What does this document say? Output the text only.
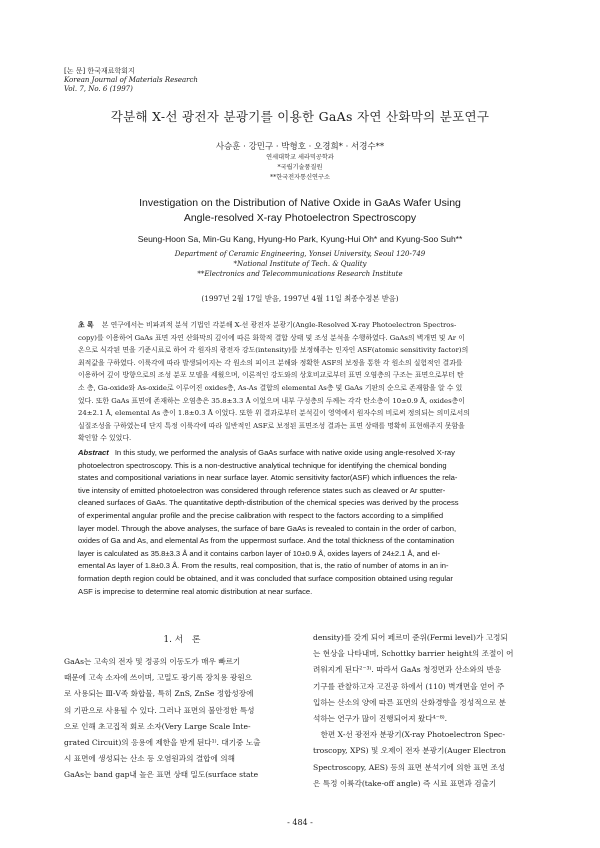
[논 문] 한국재료학회지
Korean Journal of Materials Research
Vol. 7, No. 6 (1997)
각분해 X-선 광전자 분광기를 이용한 GaAs 자연 산화막의 분포연구
사승훈 · 강민구 · 박형호 · 오경희* · 서경수**
연세대학교 세라믹공학과
*국립기술품질원
**한국전자통신연구소
Investigation on the Distribution of Native Oxide in GaAs Wafer Using
Angle-resolved X-ray Photoelectron Spectroscopy
Seung-Hoon Sa, Min-Gu Kang, Hyung-Ho Park, Kyung-Hui Oh* and Kyung-Soo Suh**
Department of Ceramic Engineering, Yonsei University, Seoul 120-749
*National Institute of Tech. & Quality
**Electronics and Telecommunications Research Institute
(1997년 2월 17일 받음, 1997년 4월 11일 최종수정본 받음)
초 록 본 연구에서는 비파괴적 분석 기법인 각분해 X-선 광전자 분광기(Angle-Resolved X-ray Photoelectron Spectros-
copy)를 이용하여 GaAs 표면 자연 산화막의 깊이에 따른 화학적 결합 상태 및 조성 분석을 수행하였다. GaAs의 벽개면 및 Ar 이
온으로 식각된 면을 기준시료로 하여 각 원자의 광전자 강도(intensity)를 보정해주는 인자인 ASF(atomic sensitivity factor)의
최적값을 구하였다. 이륙각에 따라 발생되어지는 각 원소의 피이크 분해와 정확한 ASF의 보정을 통한 각 원소의 실험적인 결과를
이용하여 깊이 방향으로의 조성 분포 모델을 세웠으며, 이론적인 강도와의 상호비교로부터 표면 오염층의 구조는 표면으로부터 탄
소 층, Ga-oxide와 As-oxide로 이루어진 oxides층, As-As 결합의 elemental As층 및 GaAs 기판의 순으로 존재함을 알 수 있
었다. 또한 GaAs 표면에 존재하는 오염층은 35.8±3.3 Å 이었으며 내부 구성층의 두께는 각각 탄소층이 10±0.9 Å, oxides층이
24±2.1 Å, elemental As 층이 1.8±0.3 Å 이었다. 또한 위 결과로부터 분석깊이 영역에서 원자수의 비로써 정의되는 의미로서의
실질조성을 구하였는데 단지 특정 이륙각에 따라 일반적인 ASF로 보정된 표면조성 결과는 표면 상태를 명확히 표현해주지 못함을
확인할 수 있었다.
Abstract In this study, we performed the analysis of GaAs surface with native oxide using angle-resolved X-ray
photoelectron spectroscopy. This is a non-destructive analytical technique for identifying the chemical bonding
states and compositional variations in near surface layer. Atomic sensitivity factor(ASF) which influences the rela-
tive intensity of emitted photoelectron was considered through reference states such as cleaved or Ar sputter-
cleaned surfaces of GaAs. The quantitative depth-distribution of the chemical species was derived by the process
of experimental angular profile and the precise calibration with respect to the factors according to a simplified
layer model. Through the above analyses, the surface of bare GaAs is revealed to contain in the order of carbon,
oxides of Ga and As, and elemental As from the uppermost surface. And the total thickness of the contamination
layer is calculated as 35.8±3.3 Å and it contains carbon layer of 10±0.9 Å, oxides layers of 24±2.1 Å, and el-
emental As layer of 1.8±0.3 Å. From the results, real composition, that is, the ratio of number of atoms in an in-
formation depth region could be obtained, and it was concluded that surface composition obtained using regular
ASF is imprecise to determine real atomic distribution at near surface.
1. 서　론
GaAs는 고속의 전자 및 정공의 이동도가 매우 빠르기
때문에 고속 소자에 쓰이며, 고밀도 광기록 장치용 광원으
로 사용되는 Ⅲ-Ⅴ족 화합물, 특히 ZnS, ZnSe 정합성장에
의 기판으로 사용될 수 있다. 그러나 표면의 불안정한 특성
으로 인해 초고집적 회로 소자(Very Large Scale Inte-
grated Circuit)의 응용에 제한을 받게 된다¹⁾. 대기중 노출
시 표면에 생성되는 산소 등 오염원과의 결합에 의해
GaAs는 band gap내 높은 표면 상태 밀도(surface state
density)를 갖게 되어 페르미 준위(Fermi level)가 고정되
는 현상을 나타내며, Schottky barrier height의 조절이 어
려워지게 된다²⁻³⁾. 따라서 GaAs 청정면과 산소와의 반응
기구를 관찰하고자 고진공 하에서 (110) 벽개면을 얻어 주
입하는 산소의 양에 따른 표면의 산화경향을 정성적으로 분
석하는 연구가 많이 진행되어져 왔다⁴⁻⁸⁾.
　한편 X-선 광전자 분광기(X-ray Photoelectron Spec-
troscopy, XPS) 및 오제이 전자 분광기(Auger Electron
Spectroscopy, AES) 등의 표면 분석기에 의한 표면 조성
은 특정 이륙각(take-off angle) 즉 시료 표면과 검출기
- 484 -
